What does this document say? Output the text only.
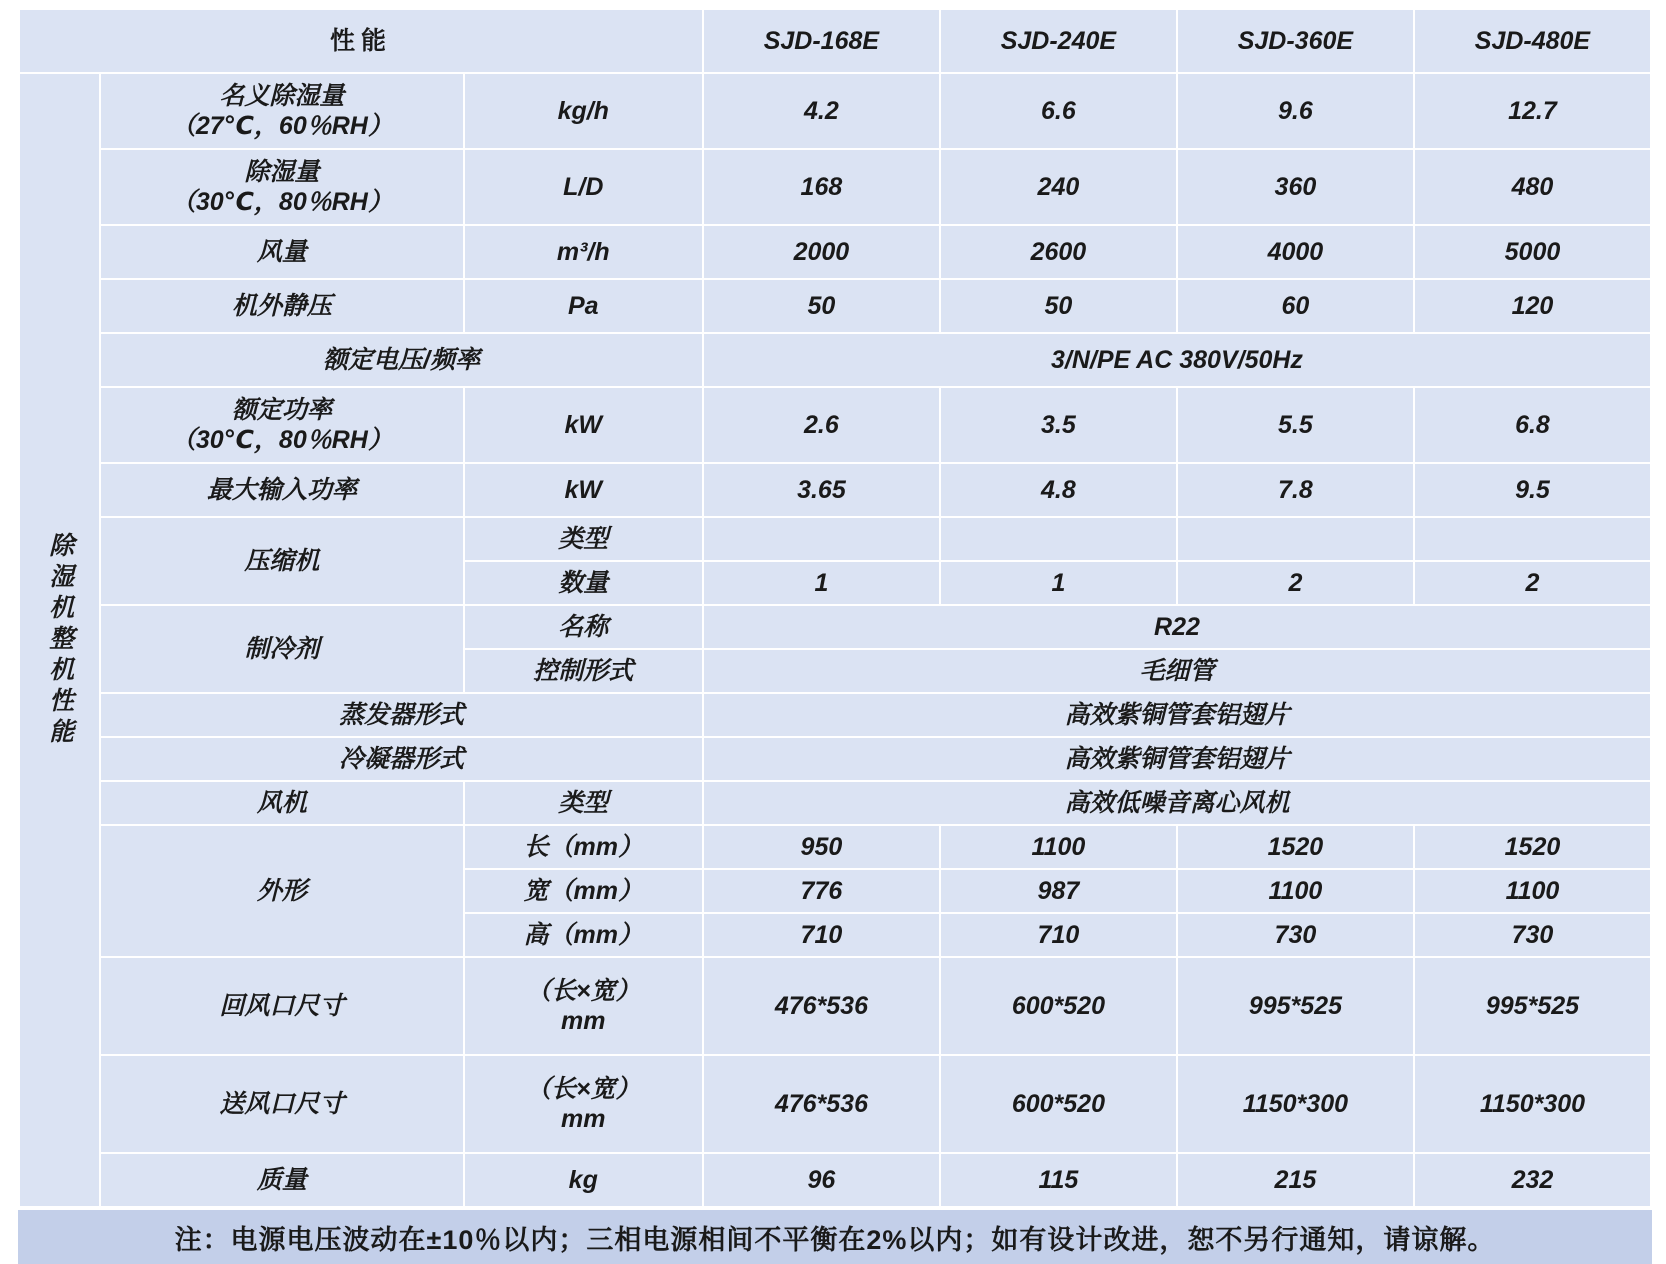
性能			SJD-168E	SJD-240E	SJD-360E	SJD-480E

除湿机整机性能	名义除湿量
（27℃，60％RH）	kg/h	4.2	6.6	9.6	12.7

	除湿量
（30℃，80％RH）	L/D	168	240	360	480
	风量	m³/h	2000	2600	4000	5000
	机外静压	Pa	50	50	60	120
	额定电压/频率		3/N/PE AC 380V/50Hz			

	额定功率
（30℃，80％RH）	kW	2.6	3.5	5.5	6.8
	最大输入功率	kW	3.65	4.8	7.8	9.5
	压缩机	类型				
		数量	1	1	2	2
	制冷剂	名称	R22			
		控制形式	毛细管			
	蒸发器形式		高效紫铜管套铝翅片			
	冷凝器形式		高效紫铜管套铝翅片			
	风机	类型	高效低噪音离心风机			
	外形	长（mm）	950	1100	1520	1520
		宽（mm）	776	987	1100	1100
		高（mm）	710	710	730	730
	回风口尺寸	（长×宽）
mm	476*536	600*520	995*525	995*525
	送风口尺寸	（长×宽）
mm	476*536	600*520	1150*300	1150*300
	质量	kg	96	115	215	232
注：电源电压波动在±10％以内；三相电源相间不平衡在2%以内；如有设计改进，恕不另行通知，请谅解。
